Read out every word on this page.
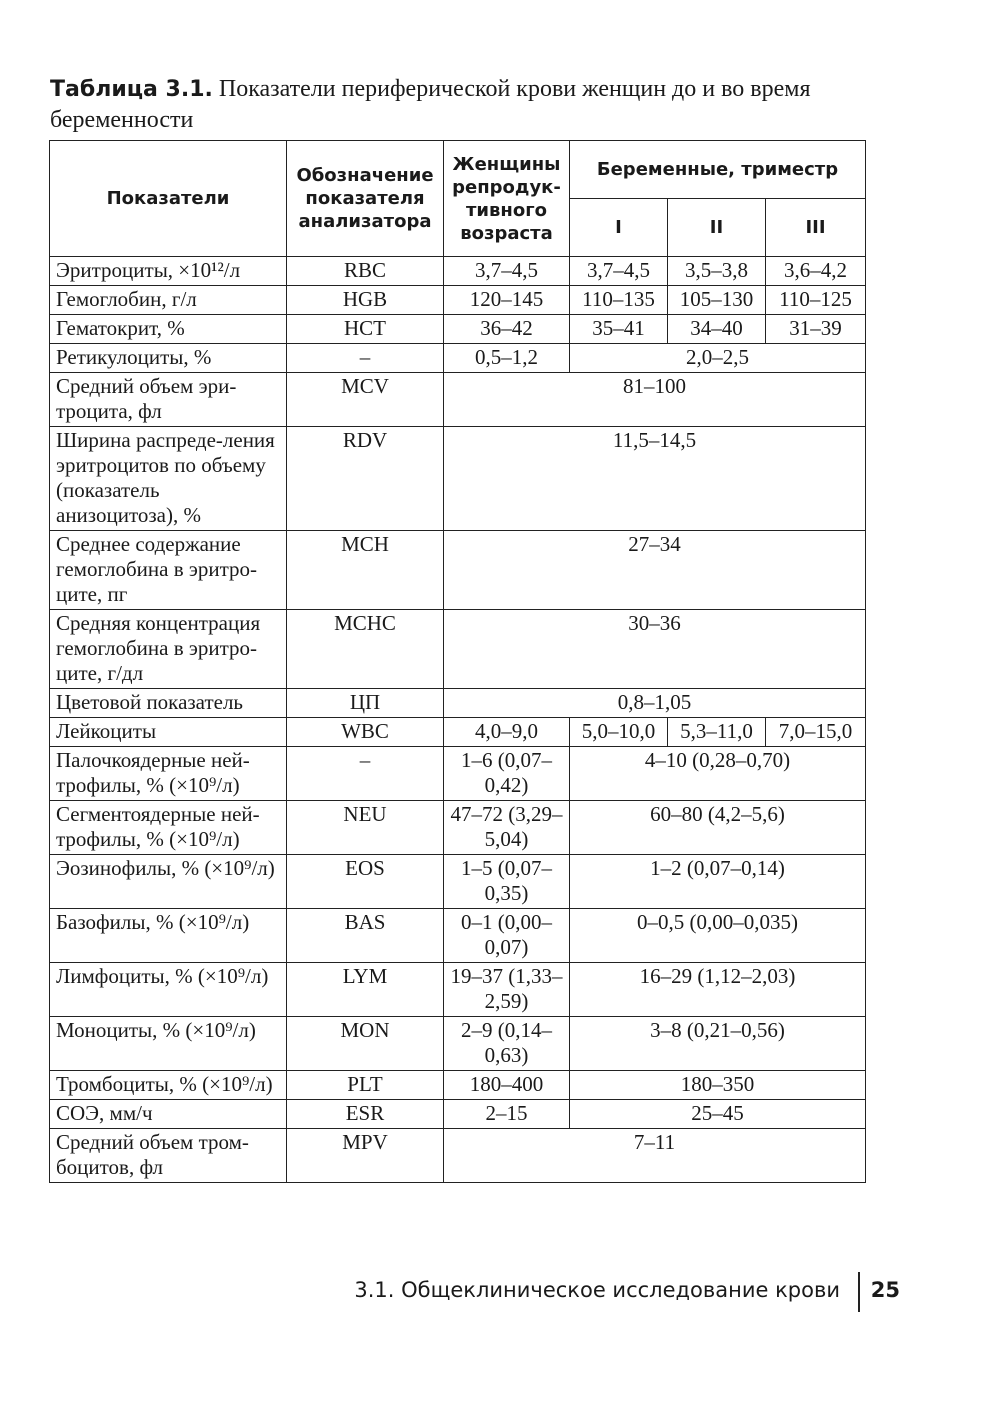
Таблица 3.1. Показатели периферической крови женщин до и во время беременности
Показатели	Обозначение показателя анализатора	Женщины репродук-тивного возраста	Беременные, триместр		
			I	II	III
Эритроциты, ×10¹²/л	RBC	3,7–4,5	3,7–4,5	3,5–3,8	3,6–4,2
Гемоглобин, г/л	HGB	120–145	110–135	105–130	110–125
Гематокрит, %	HCT	36–42	35–41	34–40	31–39
Ретикулоциты, %	–	0,5–1,2	2,0–2,5		
Средний объем эри-троцита, фл	MCV	81–100			
Ширина распреде-ления эритроцитов по объему (показатель анизоцитоза), %	RDV	11,5–14,5			
Среднее содержание гемоглобина в эритро-ците, пг	MCH	27–34			
Средняя концентрация гемоглобина в эритро-ците, г/дл	MCHC	30–36			
Цветовой показатель	ЦП	0,8–1,05			
Лейкоциты	WBC	4,0–9,0	5,0–10,0	5,3–11,0	7,0–15,0
Палочкоядерные ней-трофилы, % (×10⁹/л)	–	1–6 (0,07–0,42)	4–10 (0,28–0,70)		
Сегментоядерные ней-трофилы, % (×10⁹/л)	NEU	47–72 (3,29–5,04)	60–80 (4,2–5,6)		
Эозинофилы, % (×10⁹/л)	EOS	1–5 (0,07–0,35)	1–2 (0,07–0,14)		
Базофилы, % (×10⁹/л)	BAS	0–1 (0,00–0,07)	0–0,5 (0,00–0,035)		
Лимфоциты, % (×10⁹/л)	LYM	19–37 (1,33–2,59)	16–29 (1,12–2,03)		
Моноциты, % (×10⁹/л)	MON	2–9 (0,14–0,63)	3–8 (0,21–0,56)		
Тромбоциты, % (×10⁹/л)	PLT	180–400	180–350		
СОЭ, мм/ч	ESR	2–15	25–45		
Средний объем тром-боцитов, фл	MPV	7–11			
3.1. Общеклиническое исследование крови 25
